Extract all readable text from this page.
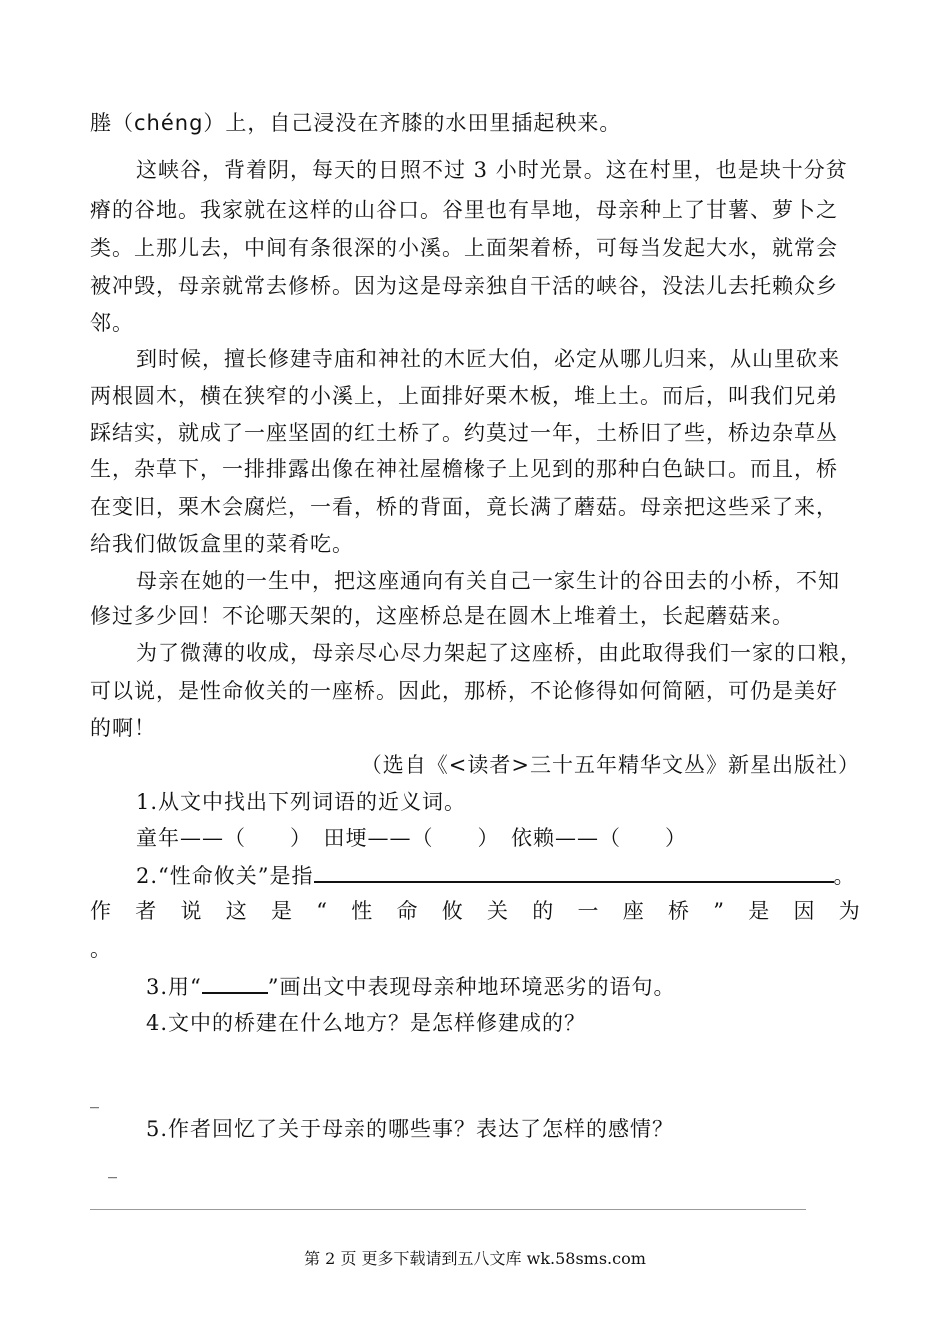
塍（chéng）上，自己浸没在齐膝的水田里插起秧来。
这峡谷，背着阴，每天的日照不过 3 小时光景。这在村里，也是块十分贫
瘠的谷地。我家就在这样的山谷口。谷里也有旱地，母亲种上了甘薯、萝卜之
类。上那儿去，中间有条很深的小溪。上面架着桥，可每当发起大水，就常会
被冲毁，母亲就常去修桥。因为这是母亲独自干活的峡谷，没法儿去托赖众乡
邻。
到时候，擅长修建寺庙和神社的木匠大伯，必定从哪儿归来，从山里砍来
两根圆木，横在狭窄的小溪上，上面排好栗木板，堆上土。而后，叫我们兄弟
踩结实，就成了一座坚固的红土桥了。约莫过一年，土桥旧了些，桥边杂草丛
生，杂草下，一排排露出像在神社屋檐椽子上见到的那种白色缺口。而且，桥
在变旧，栗木会腐烂，一看，桥的背面，竟长满了蘑菇。母亲把这些采了来，
给我们做饭盒里的菜肴吃。
母亲在她的一生中，把这座通向有关自己一家生计的谷田去的小桥，不知
修过多少回！不论哪天架的，这座桥总是在圆木上堆着土，长起蘑菇来。
为了微薄的收成，母亲尽心尽力架起了这座桥，由此取得我们一家的口粮，
可以说，是性命攸关的一座桥。因此，那桥，不论修得如何简陋，可仍是美好
的啊！
（选自《<读者>三十五年精华文丛》新星出版社）
1.从文中找出下列词语的近义词。
童年——（　　）　田埂——（　　）　依赖——（　　）
2.“性命攸关”是指	。
作 者 说 这 是 “ 性 命 攸 关 的 一 座 桥 ” 是 因 为
。
3.用“	”画出文中表现母亲种地环境恶劣的语句。
4.文中的桥建在什么地方？是怎样修建成的？
_
5.作者回忆了关于母亲的哪些事？表达了怎样的感情？
_
第 2 页 更多下载请到五八文库 wk.58sms.com
